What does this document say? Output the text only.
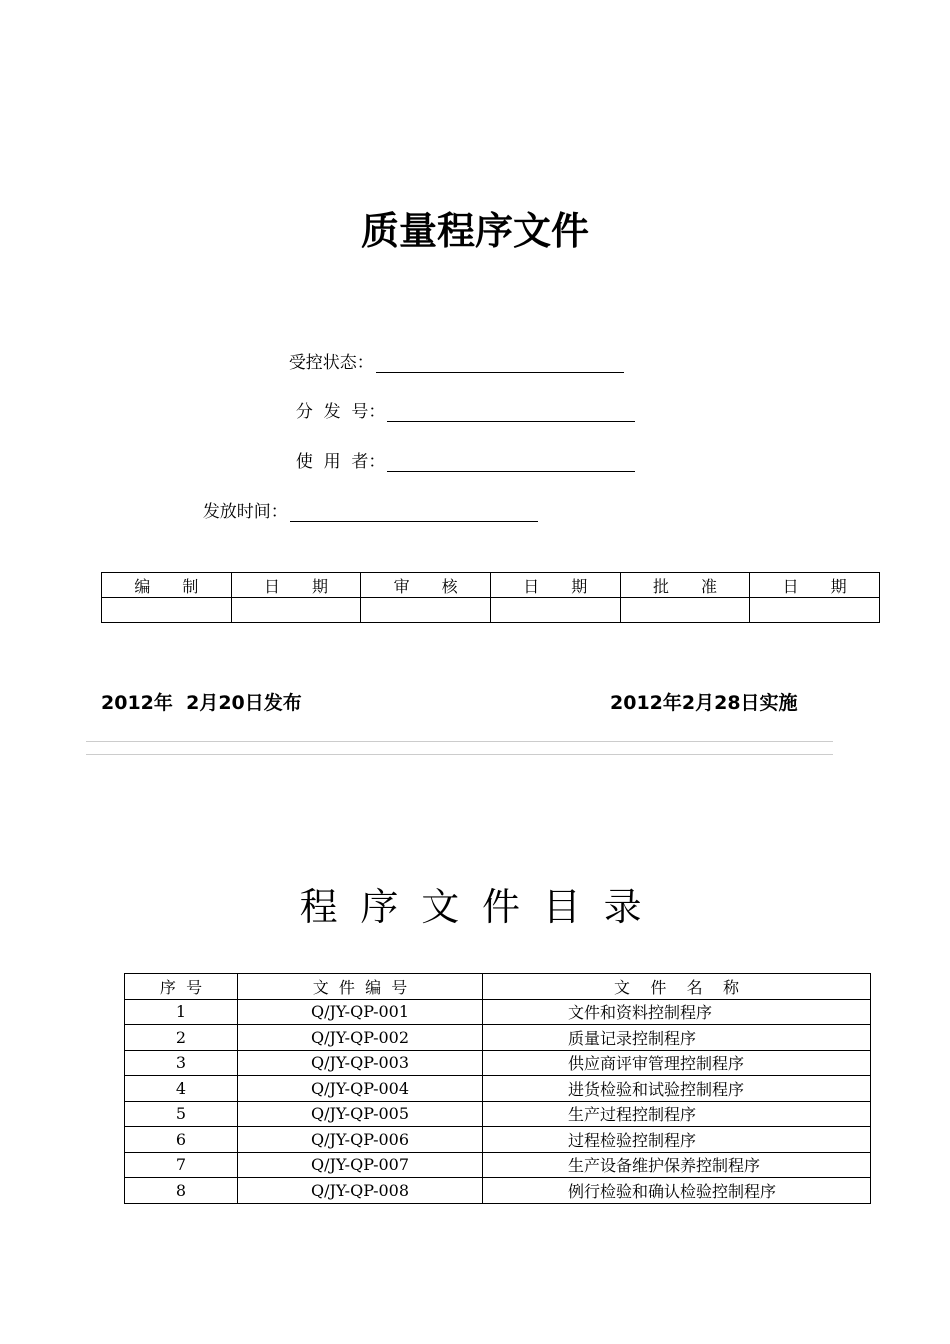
质量程序文件

受控状态：

分  发  号：

使  用  者：

发放时间：

编　　制	日　　期	审　　核	日　　期	批　　准	日　　期

2012年  2月20日发布	2012年2月28日实施
程序文件目录
序  号	文  件  编  号	文    件    名    称
1	Q/JY-QP-001	文件和资料控制程序
2	Q/JY-QP-002	质量记录控制程序
3	Q/JY-QP-003	供应商评审管理控制程序
4	Q/JY-QP-004	进货检验和试验控制程序
5	Q/JY-QP-005	生产过程控制程序
6	Q/JY-QP-006	过程检验控制程序
7	Q/JY-QP-007	生产设备维护保养控制程序
8	Q/JY-QP-008	例行检验和确认检验控制程序
